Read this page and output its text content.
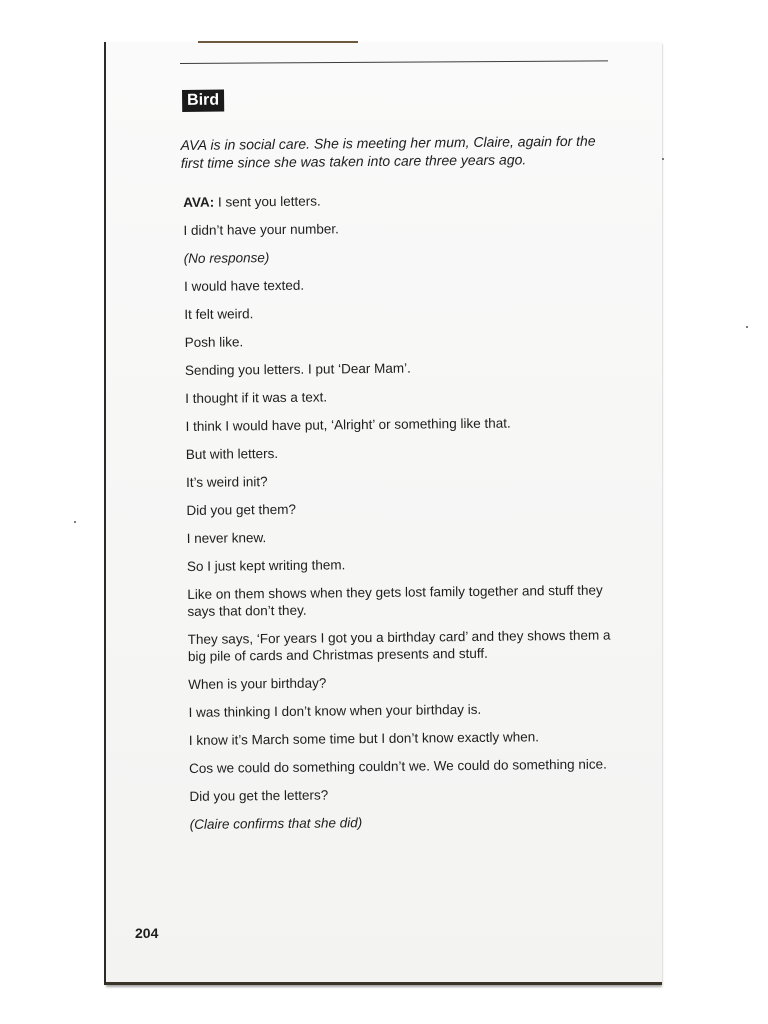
Bird
AVA is in social care. She is meeting her mum, Claire, again for the first time since she was taken into care three years ago.
AVA: I sent you letters.
I didn’t have your number.
(No response)
I would have texted.
It felt weird.
Posh like.
Sending you letters. I put ‘Dear Mam’.
I thought if it was a text.
I think I would have put, ‘Alright’ or something like that.
But with letters.
It’s weird init?
Did you get them?
I never knew.
So I just kept writing them.
Like on them shows when they gets lost family together and stuff they says that don’t they.
They says, ‘For years I got you a birthday card’ and they shows them a big pile of cards and Christmas presents and stuff.
When is your birthday?
I was thinking I don’t know when your birthday is.
I know it’s March some time but I don’t know exactly when.
Cos we could do something couldn’t we. We could do something nice.
Did you get the letters?
(Claire confirms that she did)
204
